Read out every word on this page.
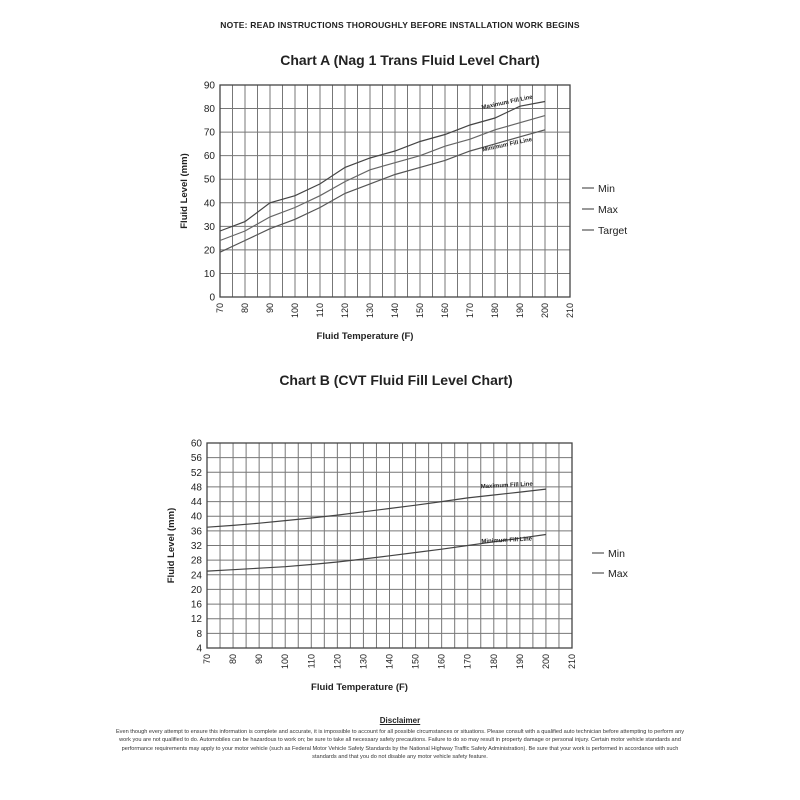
NOTE: READ INSTRUCTIONS THOROUGHLY BEFORE INSTALLATION WORK BEGINS
Chart A (Nag 1 Trans Fluid Level Chart)
0
10
20
30
40
50
60
70
80
90
70 80 90 100 110 120 130 140 150 160 170 180 190 200 210
Fluid Level (mm)
Fluid Temperature (F)
Maximum Fill Line
Minimum Fill Line
Min
Max
Target
Chart B (CVT Fluid Fill Level Chart)
4
8
12
16
20
24
28
32
36
40
44
48
52
56
60
70 80 90 100 110 120 130 140 150 160 170 180 190 200 210
Fluid Level (mm)
Fluid Temperature (F)
Maximum Fill Line
Minimum Fill Line
Min
Max
Disclaimer
Even though every attempt to ensure this information is complete and accurate, it is impossible to account for all possible circumstances or situations. Please consult with a qualified auto technician before attempting to perform any work you are not qualified to do. Automobiles can be hazardous to work on; be sure to take all necessary safety precautions. Failure to do so may result in property damage or personal injury. Certain motor vehicle standards and performance requirements may apply to your motor vehicle (such as Federal Motor Vehicle Safety Standards by the National Highway Traffic Safety Administration). Be sure that your work is performed in accordance with such standards and that you do not disable any motor vehicle safety feature.
